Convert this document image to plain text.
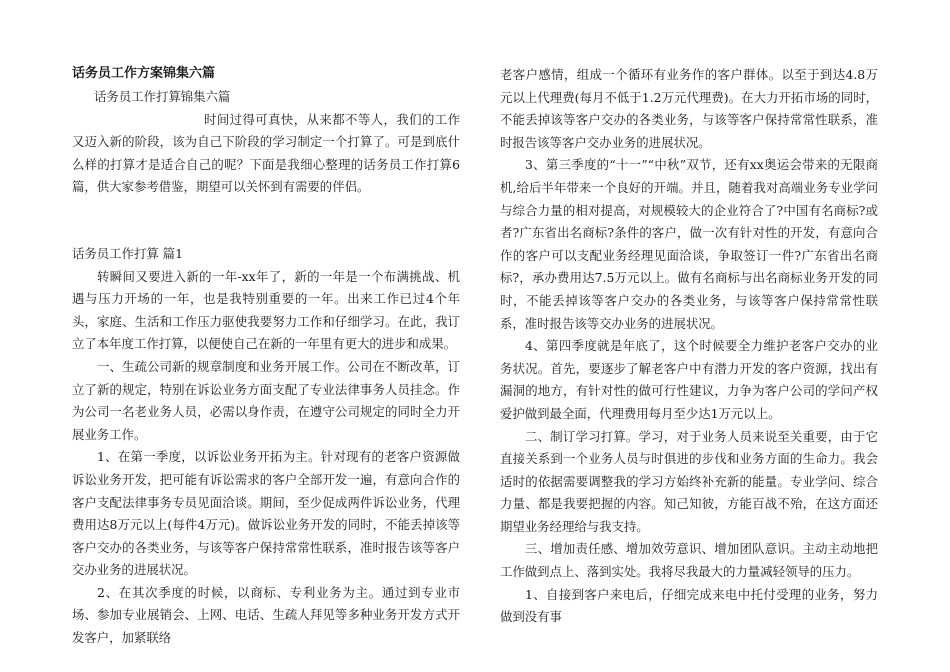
话务员工作方案锦集六篇

话务员工作打算锦集六篇

时间过得可真快，从来都不等人，我们的工作又迈入新的阶段，该为自己下阶段的学习制定一个打算了。可是到底什么样的打算才是适合自己的呢？下面是我细心整理的话务员工作打算6篇，供大家参考借鉴，期望可以关怀到有需要的伴侣。

话务员工作打算 篇1

转瞬间又要进入新的一年-xx年了，新的一年是一个布满挑战、机遇与压力开场的一年，也是我特别重要的一年。出来工作已过4个年头，家庭、生活和工作压力驱使我要努力工作和仔细学习。在此，我订立了本年度工作打算，以便使自己在新的一年里有更大的进步和成果。

一、生疏公司新的规章制度和业务开展工作。公司在不断改革，订立了新的规定，特别在诉讼业务方面支配了专业法律事务人员挂念。作为公司一名老业务人员，必需以身作责，在遵守公司规定的同时全力开展业务工作。

1、在第一季度，以诉讼业务开拓为主。针对现有的老客户资源做诉讼业务开发，把可能有诉讼需求的客户全部开发一遍，有意向合作的客户支配法律事务专员见面洽谈。期间，至少促成两件诉讼业务，代理费用达8万元以上(每件4万元)。做诉讼业务开发的同时，不能丢掉该等客户交办的各类业务，与该等客户保持常常性联系，准时报告该等客户交办业务的进展状况。

2、在其次季度的时候，以商标、专利业务为主。通过到专业市场、参加专业展销会、上网、电话、生疏人拜见等多种业务开发方式开发客户，加紧联络

老客户感情，组成一个循环有业务作的客户群体。以至于到达4.8万元以上代理费(每月不低于1.2万元代理费)。在大力开拓市场的同时，不能丢掉该等客户交办的各类业务，与该等客户保持常常性联系，准时报告该等客户交办业务的进展状况。

3、第三季度的“十一”“中秋”双节，还有xx奥运会带来的无限商机,给后半年带来一个良好的开端。并且，随着我对高端业务专业学问与综合力量的相对提高，对规模较大的企业符合了?中国有名商标?或者?广东省出名商标?条件的客户，做一次有针对性的开发，有意向合作的客户可以支配业务经理见面洽谈，争取签订一件?广东省出名商标?，承办费用达7.5万元以上。做有名商标与出名商标业务开发的同时，不能丢掉该等客户交办的各类业务，与该等客户保持常常性联系，准时报告该等交办业务的进展状况。

4、第四季度就是年底了，这个时候要全力维护老客户交办的业务状况。首先，要逐步了解老客户中有潜力开发的客户资源，找出有漏洞的地方，有针对性的做可行性建议，力争为客户公司的学问产权爱护做到最全面，代理费用每月至少达1万元以上。

二、制订学习打算。学习，对于业务人员来说至关重要，由于它直接关系到一个业务人员与时俱进的步伐和业务方面的生命力。我会适时的依据需要调整我的学习方始终补充新的能量。专业学问、综合力量、都是我要把握的内容。知己知彼，方能百战不殆，在这方面还期望业务经理给与我支持。

三、增加责任感、增加效劳意识、增加团队意识。主动主动地把工作做到点上、落到实处。我将尽我最大的力量减轻领导的压力。

1、自接到客户来电后，仔细完成来电中托付受理的业务，努力做到没有事
